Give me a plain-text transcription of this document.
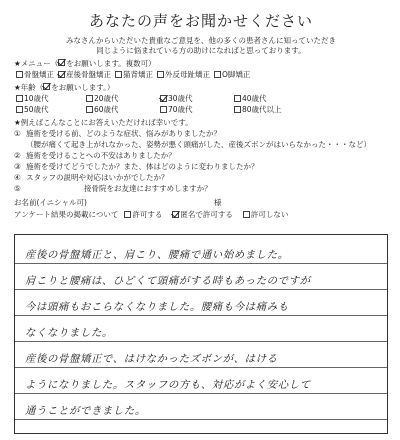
あなたの声をお聞かせください
みなさんからいただいた貴重なご意見を、他の多くの患者さんに知っていただき
同じように悩まれている方の助けになればと思っております。
★メニュー（ をお願いします。複数可）
骨盤矯正 産後骨盤矯正 猫背矯正 外反母趾矯正 O脚矯正
★年齢（ をお願いします。）
10歳代	20歳代	30歳代	40歳代
50歳代	60歳代	70歳代	80歳代以上
★例えばこんなことにお答えいただければ幸いです。
① 施術を受ける前、どのような症状、悩みがありましたか？
（腰が痛くて起き上がれなかった、姿勢が悪く頭痛がした、産後ズボンがはいらなかった・・・など）
② 施術を受けることへの不安はありましたか？
③ 施術を受けてどうでしたか？また、体はどのように変わりましたか？
④ スタッフの説明や対応はいかがでしたか？
⑤	接骨院をお友達におすすめしますか？
お名前(イニシャル可)	様
アンケート結果の掲載について 許可する 匿名で許可する 許可しない
産後の骨盤矯正と、肩こり、腰痛で通い始めました。
肩こりと腰痛は、ひどくて頭痛がする時もあったのですが
今は頭痛もおこらなくなりました。腰痛も今は痛みも
なくなりました。
産後の骨盤矯正で、はけなかったズボンが、はける
ようになりました。スタッフの方も、対応がよく安心して
通うことができました。
